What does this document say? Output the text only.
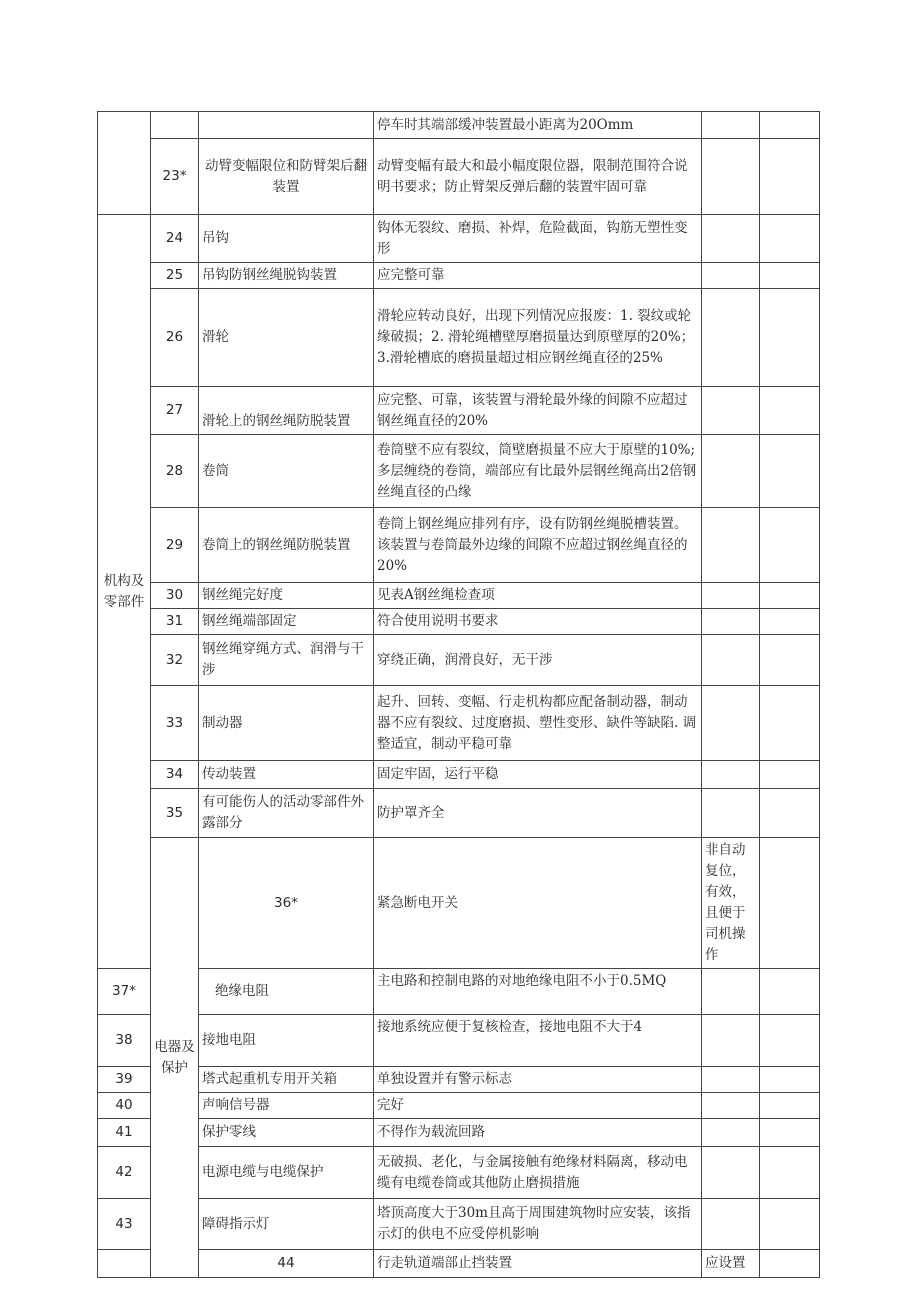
			停车时其端部缓冲装置最小距离为20Omm			
	23*	动臂变幅限位和防臂架后翻装置	动臂变幅有最大和最小幅度限位器，限制范围符合说明书要求；防止臂架反弹后翻的装置牢固可靠			
机构及零部件	24	吊钩	钩体无裂纹、磨损、补焊，危险截面，钩筋无塑性变形			
	25	吊钩防钢丝绳脱钩装置	应完整可靠			
	26	滑轮	滑轮应转动良好，出现下列情况应报废：1. 裂纹或轮缘破损；2. 滑轮绳槽壁厚磨损量达到原壁厚的20%；3.滑轮槽底的磨损量超过相应钢丝绳直径的25%			
	27	滑轮上的钢丝绳防脱装置	应完整、可靠，该装置与滑轮最外缘的间隙不应超过钢丝绳直径的20%			
	28	卷筒	卷筒壁不应有裂纹，筒壁磨损量不应大于原壁的10%;多层缠绕的卷筒，端部应有比最外层钢丝绳高出2倍钢丝绳直径的凸缘			
	29	卷筒上的钢丝绳防脱装置	卷筒上钢丝绳应排列有序，设有防钢丝绳脱槽装置。该装置与卷筒最外边缘的间隙不应超过钢丝绳直径的20%			
	30	钢丝绳完好度	见表A钢丝绳检查项			
	31	钢丝绳端部固定	符合使用说明书要求			
	32	钢丝绳穿绳方式、润滑与干涉	穿绕正确，润滑良好，无干涉			
	33	制动器	起升、回转、变幅、行走机构都应配备制动器，制动器不应有裂纹、过度磨损、塑性变形、缺件等缺陷. 调整适宜，制动平稳可靠			
	34	传动装置	固定牢固，运行平稳			
	35	有可能伤人的活动零部件外露部分	防护罩齐全			
	电器及保护	36*	紧急断电开关	非自动复位，有效，且便于司机操作		
37*		绝缘电阻	主电路和控制电路的对地绝缘电阻不小于0.5MQ			
38		接地电阻	接地系统应便于复核检查，接地电阻不大于4			
39		塔式起重机专用开关箱	单独设置并有警示标志			
40		声响信号器	完好			
41		保护零线	不得作为载流回路			
42		电源电缆与电缆保护	无破损、老化，与金属接触有绝缘材料隔离，移动电缆有电缆卷筒或其他防止磨损措施			
43		障碍指示灯	塔顶高度大于30m且高于周围建筑物时应安装，该指示灯的供电不应受停机影响			
		44	行走轨道端部止挡装置	应设置		
